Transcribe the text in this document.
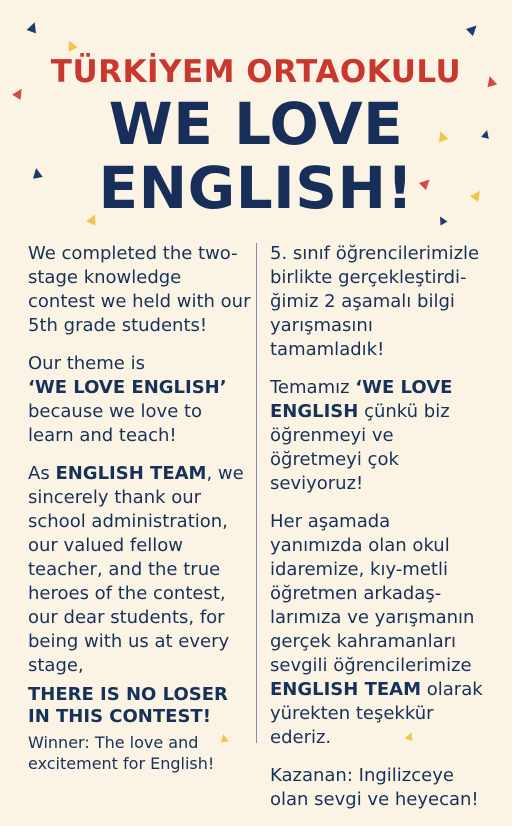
TÜRKİYEM ORTAOKULU
WE LOVE
ENGLISH!

We completed the two-stage knowledge contest we held with our 5th grade students!

Our theme is
‘WE LOVE ENGLISH’
because we love to learn and teach!

As ENGLISH TEAM, we sincerely thank our school administration, our valued fellow teacher, and the true heroes of the contest, our dear students, for being with us at every stage,

THERE IS NO LOSER IN THIS CONTEST!

Winner: The love and excitement for English!

5. sınıf öğrencilerimizle birlikte gerçekleştirdi-ğimiz 2 aşamalı bilgi yarışmasını tamamladık!

Temamız ‘WE LOVE ENGLISH çünkü biz öğrenmeyi ve öğretmeyi çok seviyoruz!

Her aşamada yanımızda olan okul idaremize, kıy-metli öğretmen arkadaş-larımıza ve yarışmanın gerçek kahramanları sevgili öğrencilerimize ENGLISH TEAM olarak yürekten teşekkür ederiz.

Kazanan: Ingilizceye olan sevgi ve heyecan!
